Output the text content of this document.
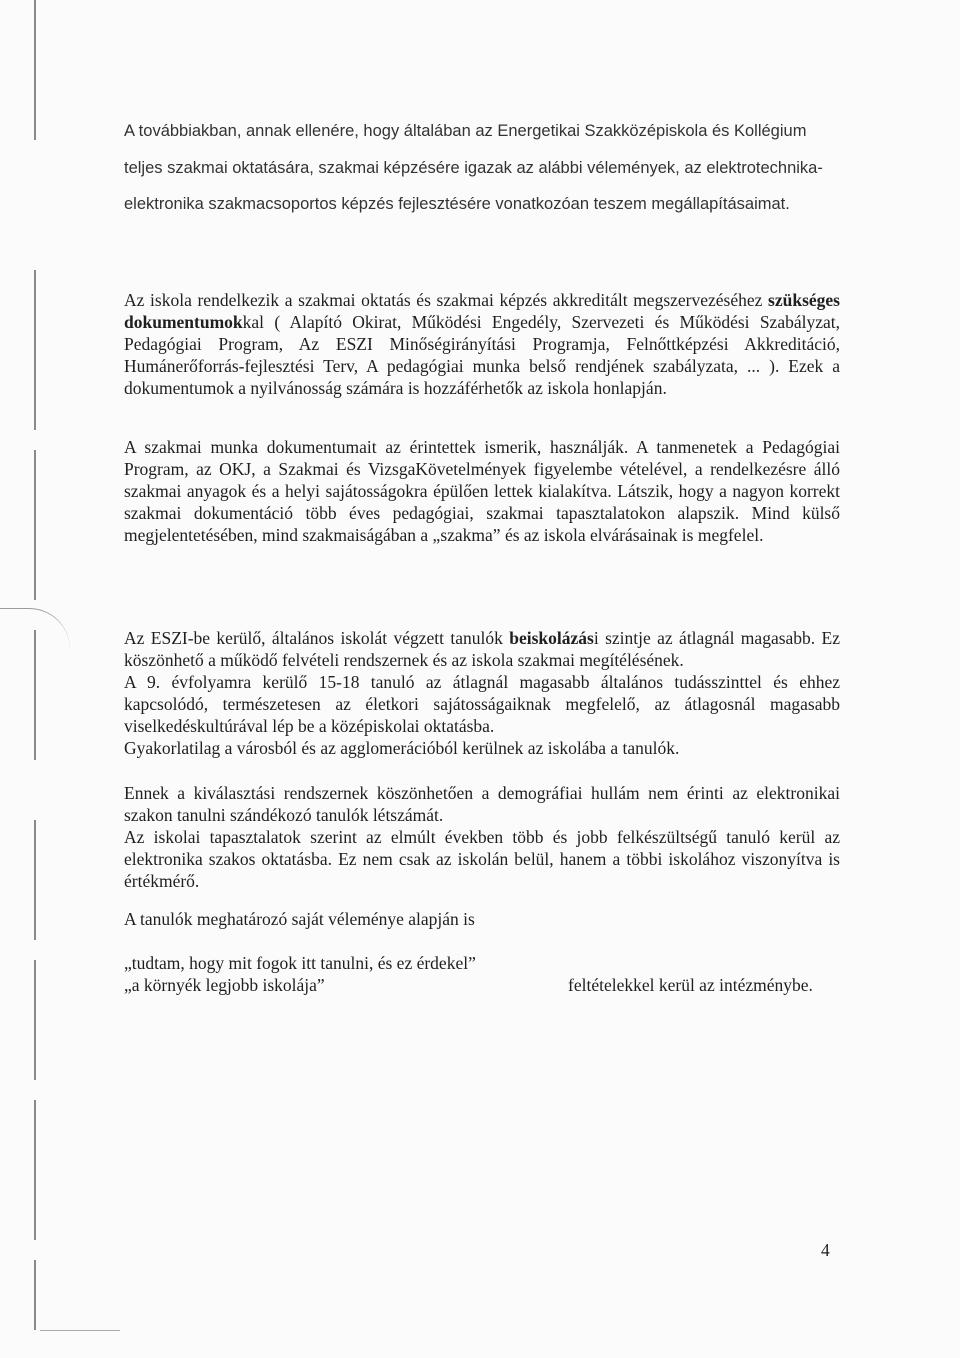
A továbbiakban, annak ellenére, hogy általában az Energetikai Szakközépiskola és Kollégium teljes szakmai oktatására, szakmai képzésére igazak az alábbi vélemények, az elektrotechnika-elektronika szakmacsoportos képzés fejlesztésére vonatkozóan teszem megállapításaimat.

Az iskola rendelkezik a szakmai oktatás és szakmai képzés akkreditált megszervezéséhez szükséges dokumentumokkal ( Alapító Okirat, Működési Engedély, Szervezeti és Működési Szabályzat, Pedagógiai Program, Az ESZI Minőségirányítási Programja, Felnőttképzési Akkreditáció, Humánerőforrás-fejlesztési Terv, A pedagógiai munka belső rendjének szabályzata, ... ). Ezek a dokumentumok a nyilvánosság számára is hozzáférhetők az iskola honlapján.

A szakmai munka dokumentumait az érintettek ismerik, használják. A tanmenetek a Pedagógiai Program, az OKJ, a Szakmai és VizsgaKövetelmények figyelembe vételével, a rendelkezésre álló szakmai anyagok és a helyi sajátosságokra épülően lettek kialakítva. Látszik, hogy a nagyon korrekt szakmai dokumentáció több éves pedagógiai, szakmai tapasztalatokon alapszik. Mind külső megjelentetésében, mind szakmaiságában a „szakma” és az iskola elvárásainak is megfelel.

Az ESZI-be kerülő, általános iskolát végzett tanulók beiskolázási szintje az átlagnál magasabb. Ez köszönhető a működő felvételi rendszernek és az iskola szakmai megítélésének.
A 9. évfolyamra kerülő 15-18 tanuló az átlagnál magasabb általános tudásszinttel és ehhez kapcsolódó, természetesen az életkori sajátosságaiknak megfelelő, az átlagosnál magasabb viselkedéskultúrával lép be a középiskolai oktatásba.
Gyakorlatilag a városból és az agglomerációból kerülnek az iskolába a tanulók.
Ennek a kiválasztási rendszernek köszönhetően a demográfiai hullám nem érinti az elektronikai szakon tanulni szándékozó tanulók létszámát.
Az iskolai tapasztalatok szerint az elmúlt években több és jobb felkészültségű tanuló kerül az elektronika szakos oktatásba. Ez nem csak az iskolán belül, hanem a többi iskolához viszonyítva is értékmérő.

A tanulók meghatározó saját véleménye alapján is

„tudtam, hogy mit fogok itt tanulni, és ez érdekel”
„a környék legjobb iskolája”	feltételekkel kerül az intézménybe.
4
